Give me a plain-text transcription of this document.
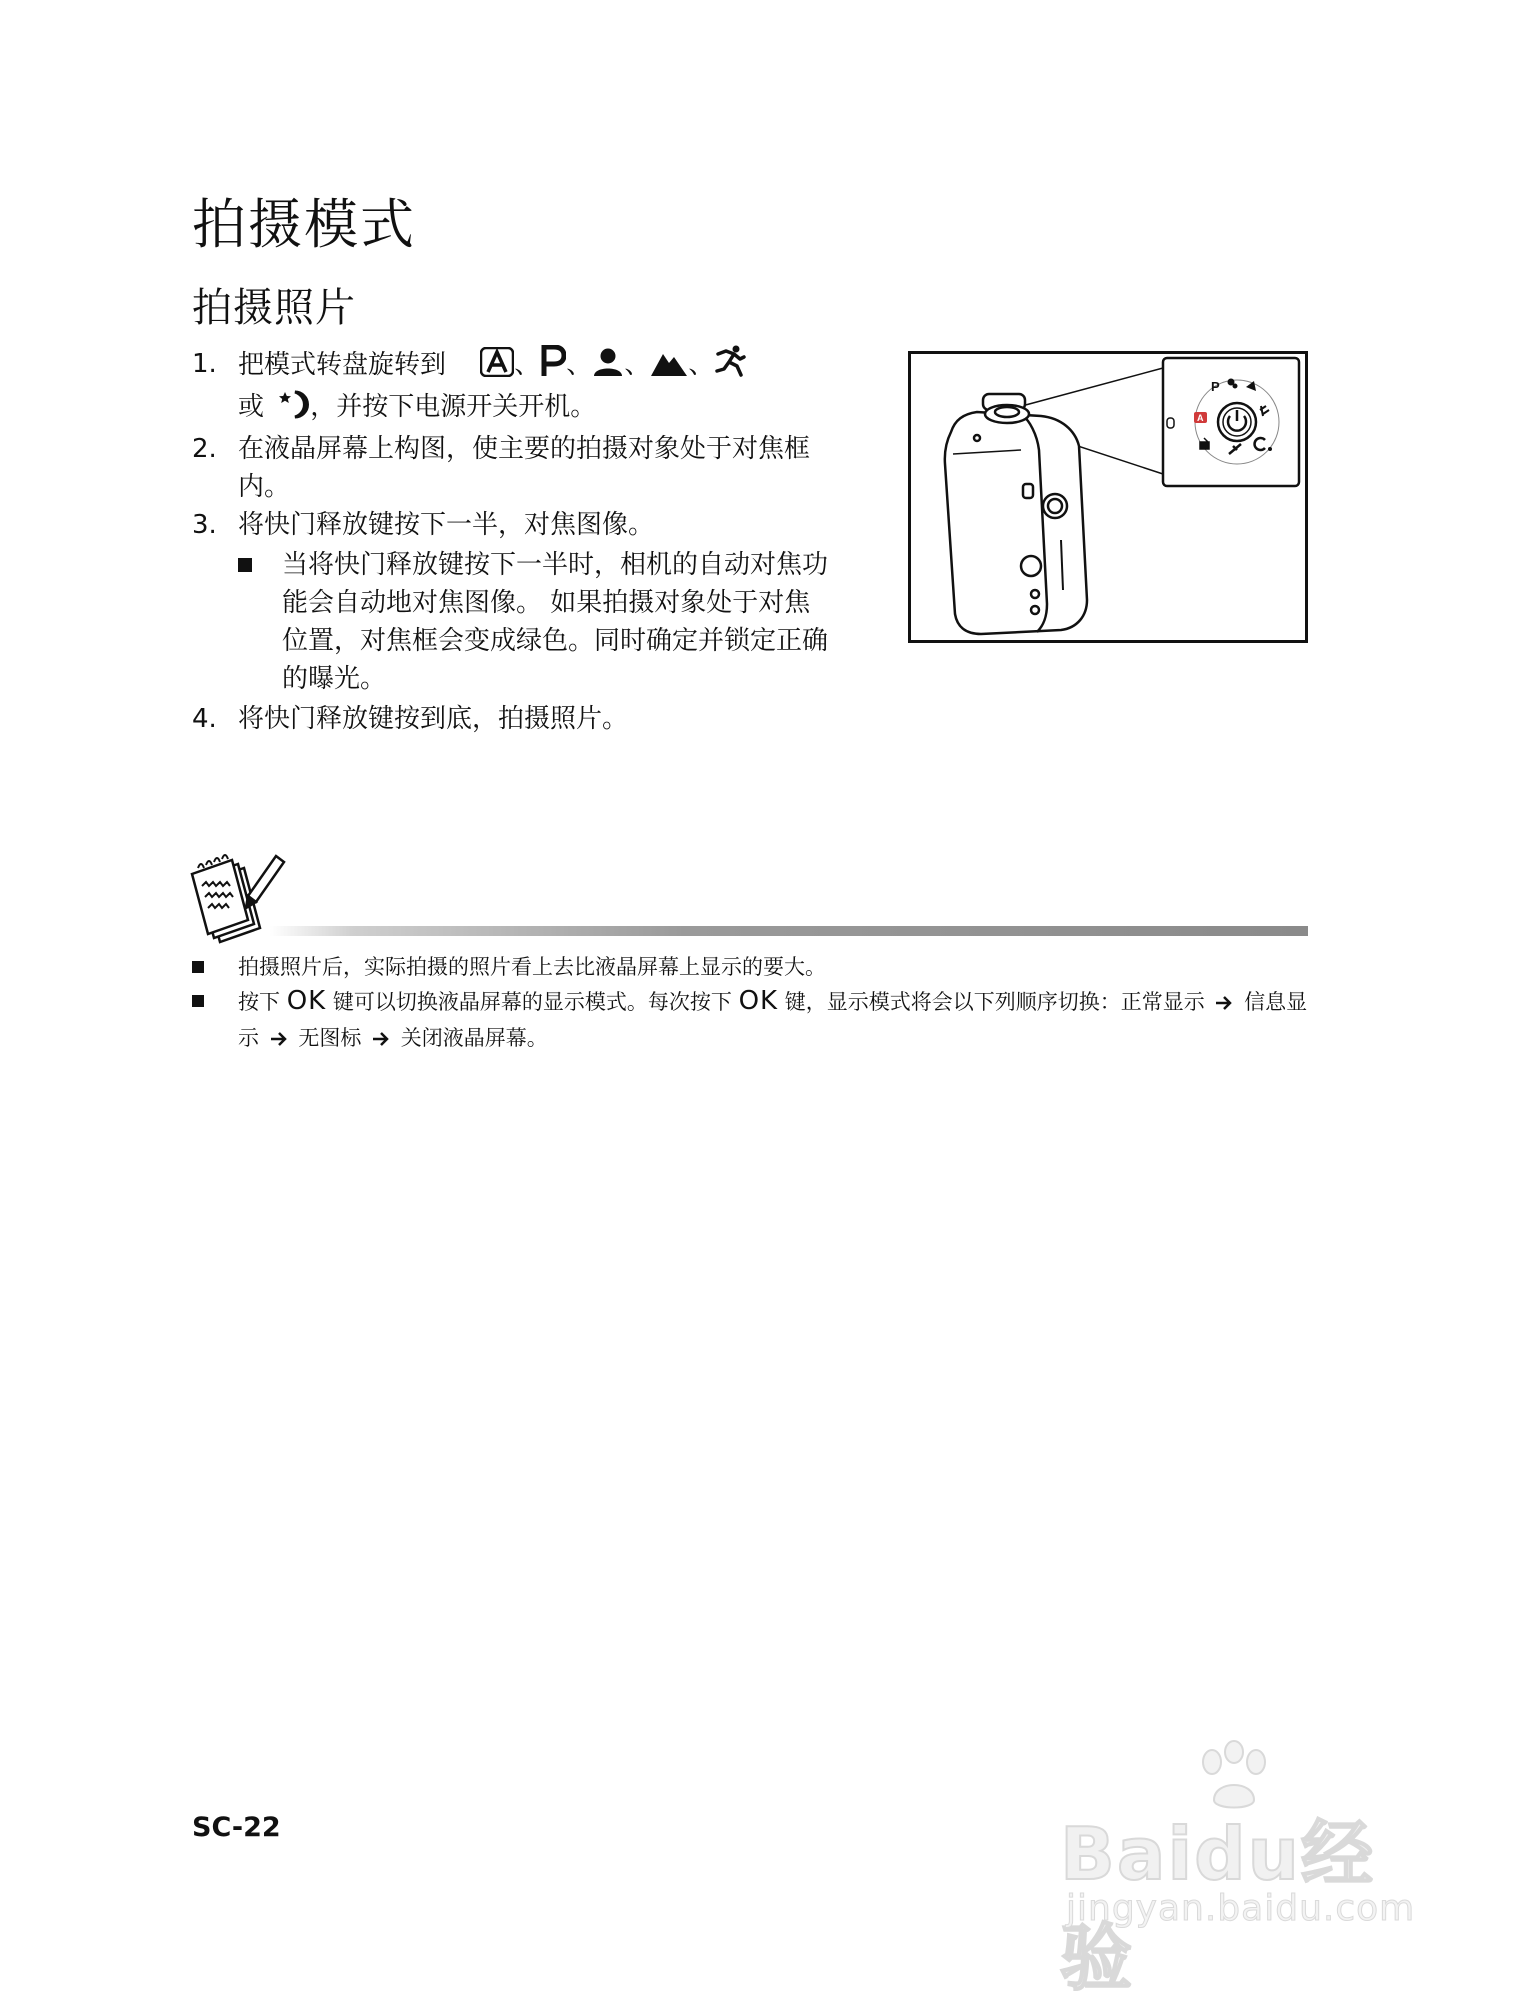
拍摄模式
拍摄照片
1. 把模式转盘旋转到	、 、 、 、
或 ，并按下电源开关开机。
2. 在液晶屏幕上构图，使主要的拍摄对象处于对焦框内。
3. 将快门释放键按下一半，对焦图像。
当将快门释放键按下一半时，相机的自动对焦功能会自动地对焦图像。 如果拍摄对象处于对焦位置，对焦框会变成绿色。同时确定并锁定正确的曝光。
4. 将快门释放键按到底，拍摄照片。
P
A
拍摄照片后，实际拍摄的照片看上去比液晶屏幕上显示的要大。
按下 OK 键可以切换液晶屏幕的显示模式。每次按下 OK 键，显示模式将会以下列顺序切换：正常显示 信息显示 无图标 关闭液晶屏幕。
SC-22	Baidu经验
jingyan.baidu.com
